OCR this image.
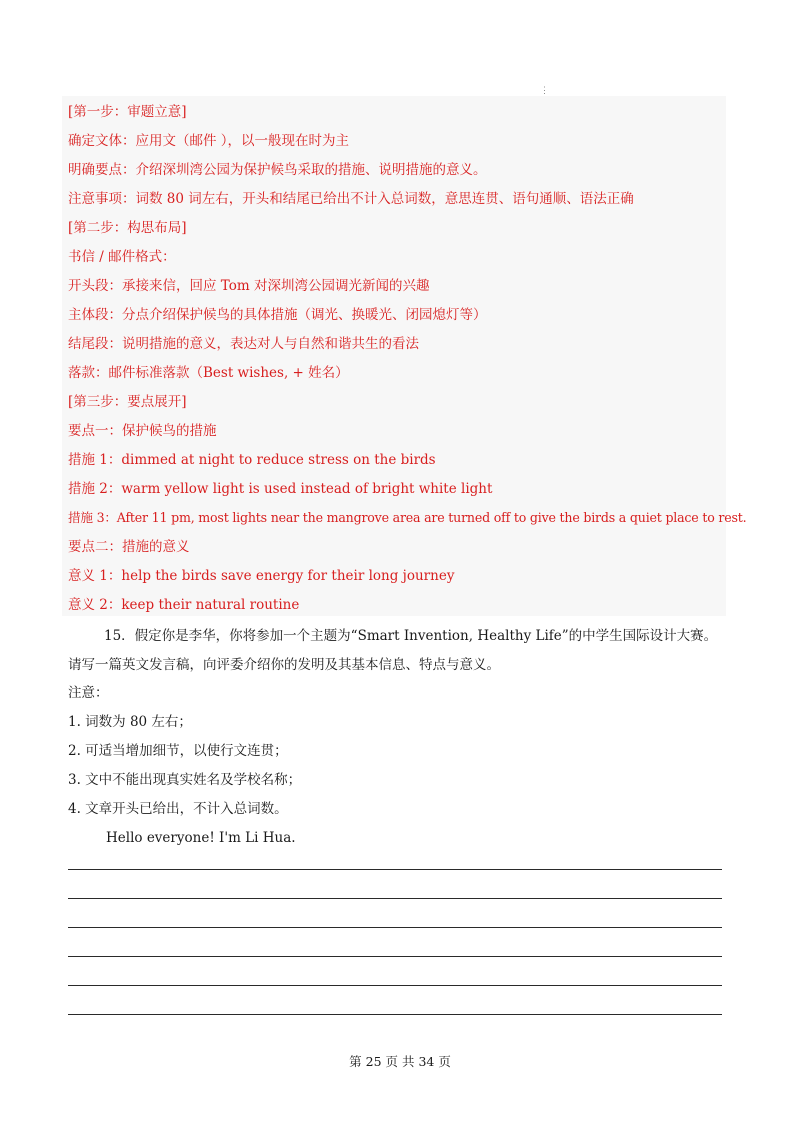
⋮
[第一步：审题立意]
确定文体：应用文（邮件 ），以一般现在时为主
明确要点：介绍深圳湾公园为保护候鸟采取的措施、说明措施的意义。
注意事项：词数 80 词左右，开头和结尾已给出不计入总词数，意思连贯、语句通顺、语法正确
[第二步：构思布局]
书信 / 邮件格式：
开头段：承接来信，回应 Tom 对深圳湾公园调光新闻的兴趣
主体段：分点介绍保护候鸟的具体措施（调光、换暖光、闭园熄灯等）
结尾段：说明措施的意义，表达对人与自然和谐共生的看法
落款：邮件标准落款（Best wishes, + 姓名）
[第三步：要点展开]
要点一：保护候鸟的措施
措施 1：dimmed at night to reduce stress on the birds
措施 2：warm yellow light is used instead of bright white light
措施 3：After 11 pm, most lights near the mangrove area are turned off to give the birds a quiet place to rest.
要点二：措施的意义
意义 1：help the birds save energy for their long journey
意义 2：keep their natural routine
15．假定你是李华，你将参加一个主题为“Smart Invention, Healthy Life”的中学生国际设计大赛。请写一篇英文发言稿，向评委介绍你的发明及其基本信息、特点与意义。
注意：
1. 词数为 80 左右；
2. 可适当增加细节，以使行文连贯；
3. 文中不能出现真实姓名及学校名称；
4. 文章开头已给出，不计入总词数。
Hello everyone! I'm Li Hua.
第 25 页 共 34 页
